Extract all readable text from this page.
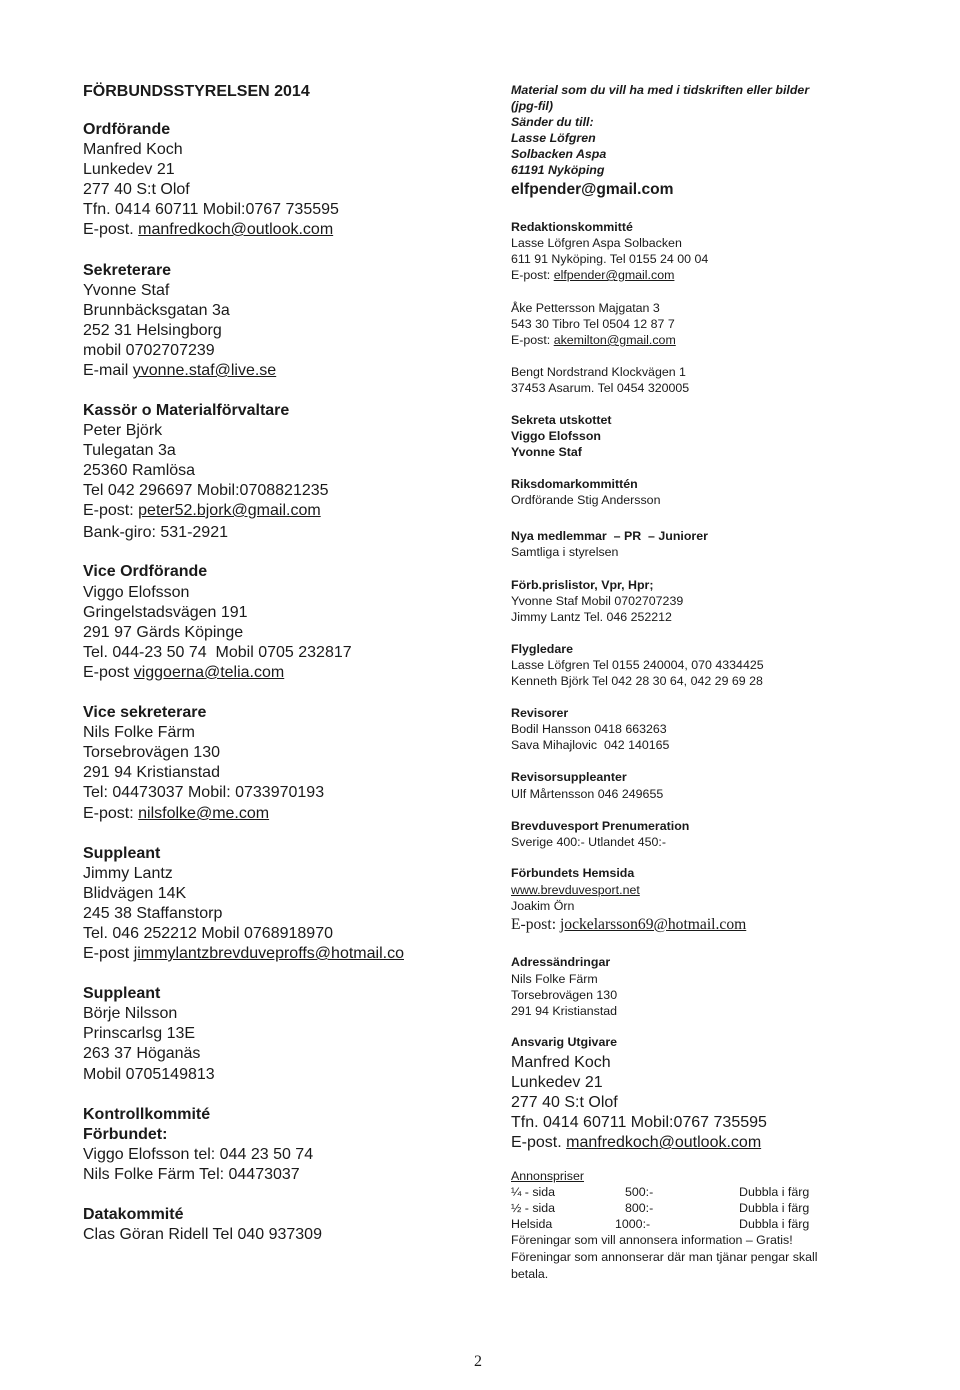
FÖRBUNDSSTYRELSEN 2014
Ordförande
Manfred Koch
Lunkedev 21
277 40 S:t Olof
Tfn. 0414 60711 Mobil:0767 735595
E-post. manfredkoch@outlook.com
Sekreterare
Yvonne Staf
Brunnbäcksgatan 3a
252 31 Helsingborg
mobil 0702707239
E-mail yvonne.staf@live.se
Kassör o Materialförvaltare
Peter Björk
Tulegatan 3a
25360 Ramlösa
Tel 042 296697 Mobil:0708821235
E-post: peter52.bjork@gmail.com
Bank-giro: 531-2921
Vice Ordförande
Viggo Elofsson
Gringelstadsvägen 191
291 97 Gärds Köpinge
Tel. 044-23 50 74  Mobil 0705 232817
E-post viggoerna@telia.com
Vice sekreterare
Nils Folke Färm
Torsebrovägen 130
291 94 Kristianstad
Tel: 04473037 Mobil: 0733970193
E-post: nilsfolke@me.com
Suppleant
Jimmy Lantz
Blidvägen 14K
245 38 Staffanstorp
Tel. 046 252212 Mobil 0768918970
E-post jimmylantzbrevduveproffs@hotmail.co
Suppleant
Börje Nilsson
Prinscarlsg 13E
263 37 Höganäs
Mobil 0705149813
Kontrollkommité
Förbundet:
Viggo Elofsson tel: 044 23 50 74
Nils Folke Färm Tel: 04473037
Datakommité
Clas Göran Ridell Tel 040 937309
Material som du vill ha med i tidskriften eller bilder
(jpg-fil)
Sänder du till:
Lasse Löfgren
Solbacken Aspa
61191 Nyköping
elfpender@gmail.com
Redaktionskommitté
Lasse Löfgren Aspa Solbacken
611 91 Nyköping. Tel 0155 24 00 04
E-post: elfpender@gmail.com
Åke Pettersson Majgatan 3
543 30 Tibro Tel 0504 12 87 7
E-post: akemilton@gmail.com
Bengt Nordstrand Klockvägen 1
37453 Asarum. Tel 0454 320005
Sekreta utskottet
Viggo Elofsson
Yvonne Staf
Riksdomarkommittén
Ordförande Stig Andersson
Nya medlemmar  – PR  – Juniorer
Samtliga i styrelsen
Förb.prislistor, Vpr, Hpr;
Yvonne Staf Mobil 0702707239
Jimmy Lantz Tel. 046 252212
Flygledare
Lasse Löfgren Tel 0155 240004, 070 4334425
Kenneth Björk Tel 042 28 30 64, 042 29 69 28
Revisorer
Bodil Hansson 0418 663263
Sava Mihajlovic  042 140165
Revisorsuppleanter
Ulf Mårtensson 046 249655
Brevduvesport Prenumeration
Sverige 400:- Utlandet 450:-
Förbundets Hemsida
www.brevduvesport.net
Joakim Örn
E-post: jockelarsson69@hotmail.com
Adressändringar
Nils Folke Färm
Torsebrovägen 130
291 94 Kristianstad
Ansvarig Utgivare
Manfred Koch
Lunkedev 21
277 40 S:t Olof
Tfn. 0414 60711 Mobil:0767 735595
E-post. manfredkoch@outlook.com
Annonspriser
¼ - sida	500:-	Dubbla i färg
½ - sida	800:-	Dubbla i färg
Helsida	1000:-	Dubbla i färg
Föreningar som vill annonsera information – Gratis!
Föreningar som annonserar där man tjänar pengar skall
betala.
2
